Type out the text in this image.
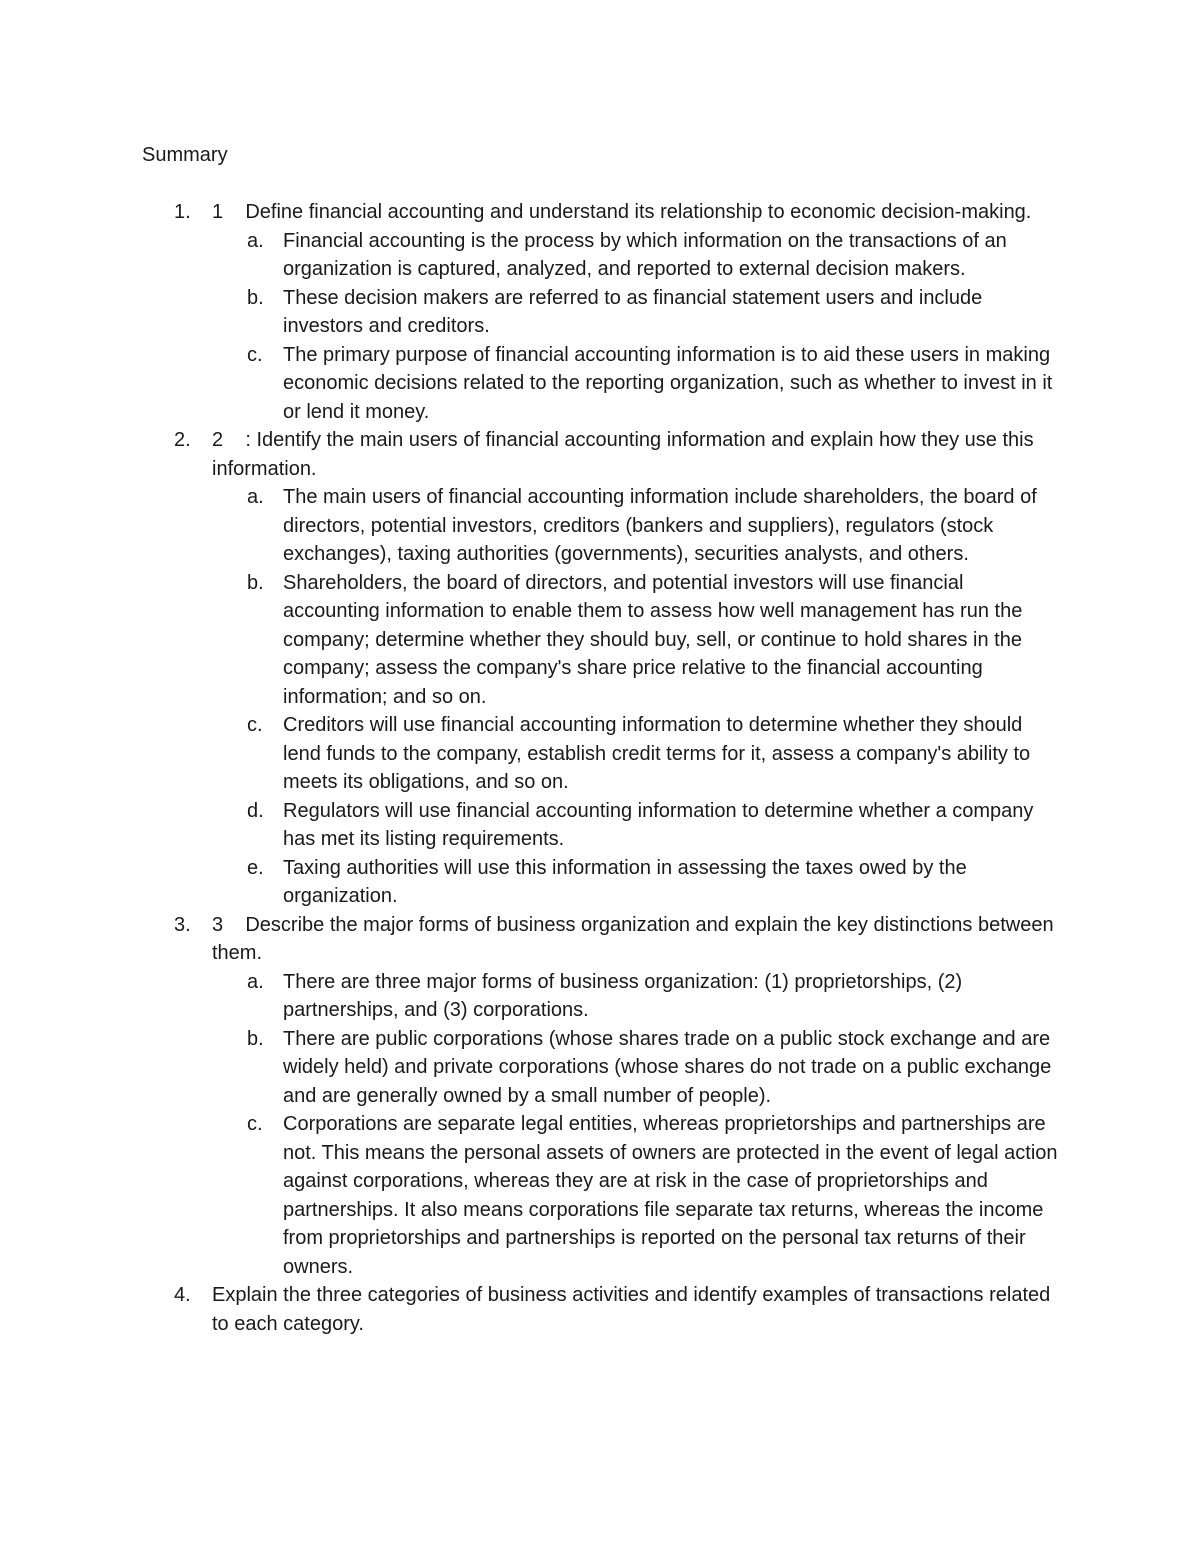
Summary
1. 1    Define financial accounting and understand its relationship to economic decision-making.
a. Financial accounting is the process by which information on the transactions of an organization is captured, analyzed, and reported to external decision makers.
b. These decision makers are referred to as financial statement users and include investors and creditors.
c. The primary purpose of financial accounting information is to aid these users in making economic decisions related to the reporting organization, such as whether to invest in it or lend it money.
2. 2    : Identify the main users of financial accounting information and explain how they use this information.
a. The main users of financial accounting information include shareholders, the board of directors, potential investors, creditors (bankers and suppliers), regulators (stock exchanges), taxing authorities (governments), securities analysts, and others.
b. Shareholders, the board of directors, and potential investors will use financial accounting information to enable them to assess how well management has run the company; determine whether they should buy, sell, or continue to hold shares in the company; assess the company's share price relative to the financial accounting information; and so on.
c. Creditors will use financial accounting information to determine whether they should lend funds to the company, establish credit terms for it, assess a company's ability to meets its obligations, and so on.
d. Regulators will use financial accounting information to determine whether a company has met its listing requirements.
e. Taxing authorities will use this information in assessing the taxes owed by the organization.
3. 3    Describe the major forms of business organization and explain the key distinctions between them.
a. There are three major forms of business organization: (1) proprietorships, (2) partnerships, and (3) corporations.
b. There are public corporations (whose shares trade on a public stock exchange and are widely held) and private corporations (whose shares do not trade on a public exchange and are generally owned by a small number of people).
c. Corporations are separate legal entities, whereas proprietorships and partnerships are not. This means the personal assets of owners are protected in the event of legal action against corporations, whereas they are at risk in the case of proprietorships and partnerships. It also means corporations file separate tax returns, whereas the income from proprietorships and partnerships is reported on the personal tax returns of their owners.
4. Explain the three categories of business activities and identify examples of transactions related to each category.
